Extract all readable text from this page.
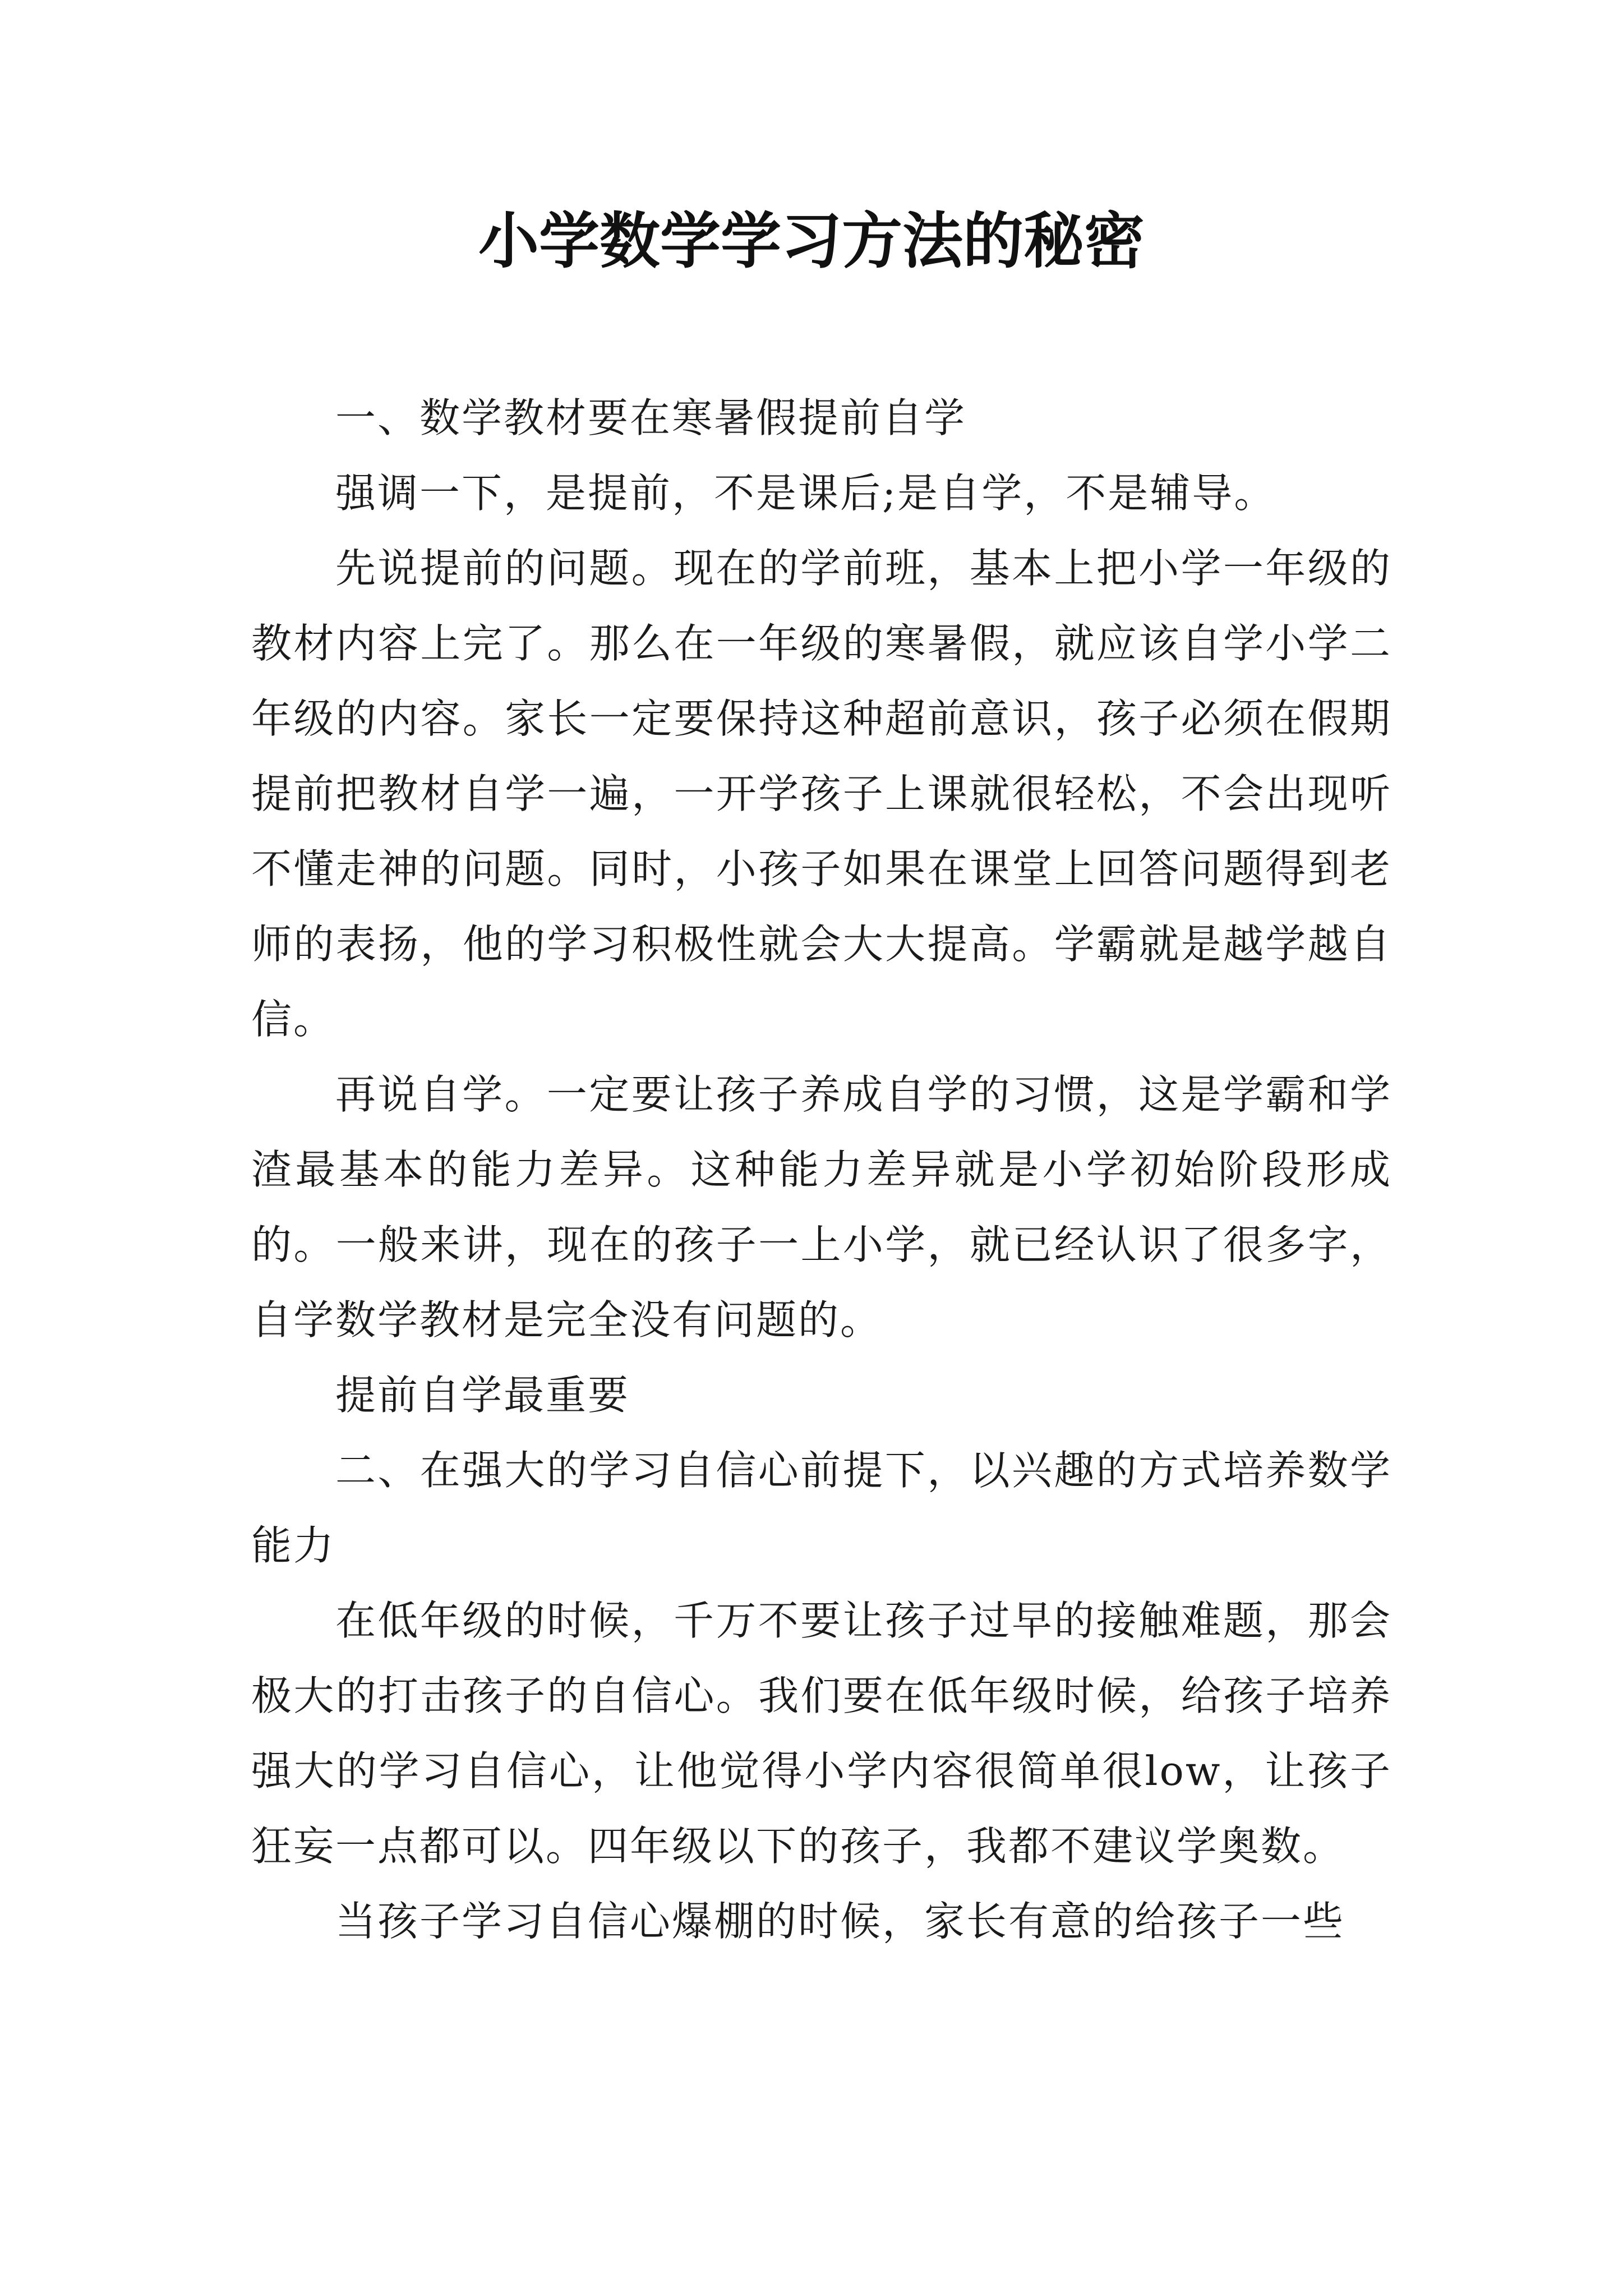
小学数学学习方法的秘密

一、数学教材要在寒暑假提前自学

强调一下，是提前，不是课后;是自学，不是辅导。

先说提前的问题。现在的学前班，基本上把小学一年级的教材内容上完了。那么在一年级的寒暑假，就应该自学小学二年级的内容。家长一定要保持这种超前意识，孩子必须在假期提前把教材自学一遍，一开学孩子上课就很轻松，不会出现听不懂走神的问题。同时，小孩子如果在课堂上回答问题得到老师的表扬，他的学习积极性就会大大提高。学霸就是越学越自信。

再说自学。一定要让孩子养成自学的习惯，这是学霸和学渣最基本的能力差异。这种能力差异就是小学初始阶段形成的。一般来讲，现在的孩子一上小学，就已经认识了很多字，自学数学教材是完全没有问题的。

提前自学最重要

二、在强大的学习自信心前提下，以兴趣的方式培养数学能力

在低年级的时候，千万不要让孩子过早的接触难题，那会极大的打击孩子的自信心。我们要在低年级时候，给孩子培养强大的学习自信心，让他觉得小学内容很简单很low，让孩子狂妄一点都可以。四年级以下的孩子，我都不建议学奥数。

当孩子学习自信心爆棚的时候，家长有意的给孩子一些
